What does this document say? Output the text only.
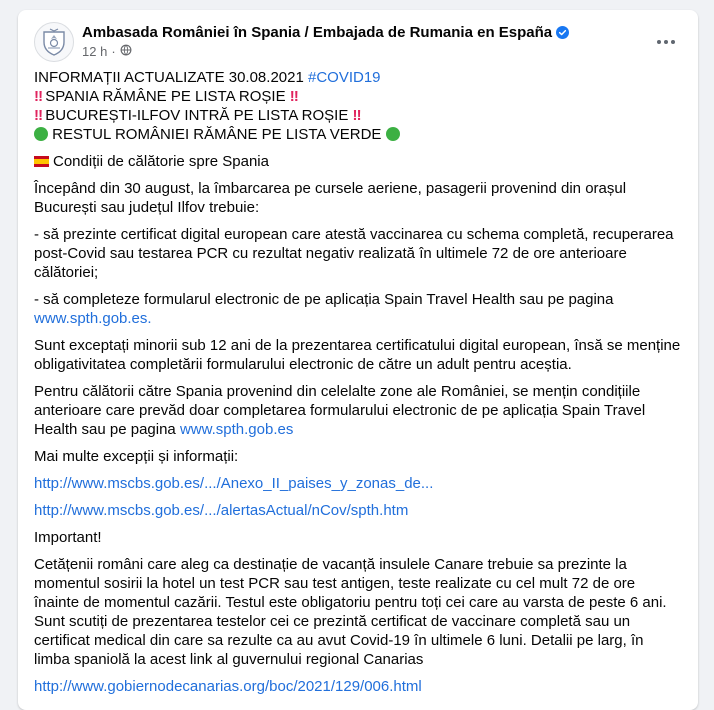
Ambasada României în Spania / Embajada de Rumania en España
12 h ·

INFORMAȚII ACTUALIZATE 30.08.2021 #COVID19
‼ SPANIA RĂMÂNE PE LISTA ROȘIE ‼
‼ BUCUREȘTI-ILFOV INTRĂ PE LISTA ROȘIE ‼
RESTUL ROMÂNIEI RĂMÂNE PE LISTA VERDE

Condiții de călătorie spre Spania

Începând din 30 august, la îmbarcarea pe cursele aeriene, pasagerii provenind din orașul București sau județul Ilfov trebuie:

- să prezinte certificat digital european care atestă vaccinarea cu schema completă, recuperarea post-Covid sau testarea PCR cu rezultat negativ realizată în ultimele 72 de ore anterioare călătoriei;

- să completeze formularul electronic de pe aplicația Spain Travel Health sau pe pagina www.spth.gob.es.

Sunt exceptați minorii sub 12 ani de la prezentarea certificatului digital european, însă se menține obligativitatea completării formularului electronic de către un adult pentru aceștia.

Pentru călătorii către Spania provenind din celelalte zone ale României, se mențin condițiile anterioare care prevăd doar completarea formularului electronic de pe aplicația Spain Travel Health sau pe pagina www.spth.gob.es

Mai multe excepții și informații:

http://www.mscbs.gob.es/.../Anexo_II_paises_y_zonas_de...

http://www.mscbs.gob.es/.../alertasActual/nCov/spth.htm

Important!

Cetățenii români care aleg ca destinație de vacanță insulele Canare trebuie sa prezinte la momentul sosirii la hotel un test PCR sau test antigen, teste realizate cu cel mult 72 de ore înainte de momentul cazării. Testul este obligatoriu pentru toți cei care au varsta de peste 6 ani. Sunt scutiți de prezentarea testelor cei ce prezintă certificat de vaccinare completă sau un certificat medical din care sa rezulte ca au avut Covid-19 în ultimele 6 luni. Detalii pe larg, în limba spaniolă la acest link al guvernului regional Canarias

http://www.gobiernodecanarias.org/boc/2021/129/006.html
